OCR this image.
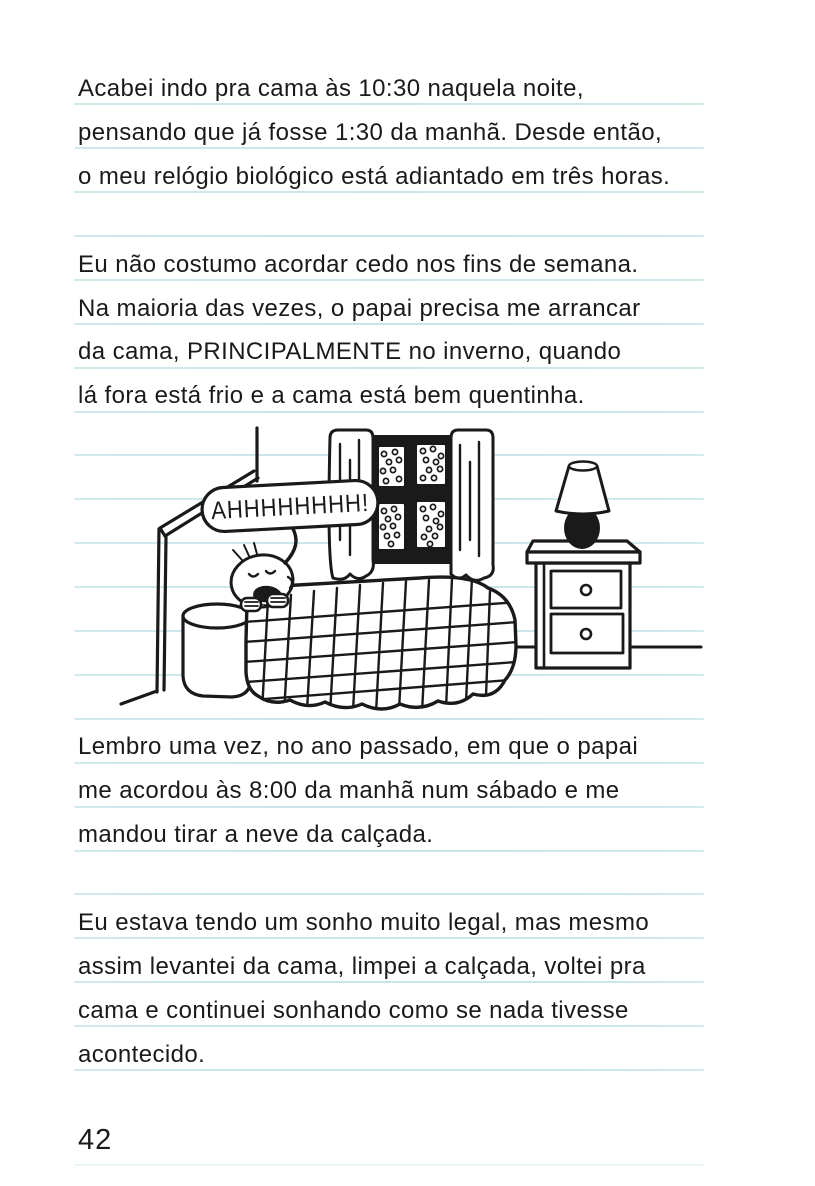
Acabei indo pra cama às 10:30 naquela noite,
pensando que já fosse 1:30 da manhã. Desde então,
o meu relógio biológico está adiantado em três horas.
Eu não costumo acordar cedo nos fins de semana.
Na maioria das vezes, o papai precisa me arrancar
da cama, PRINCIPALMENTE no inverno, quando
lá fora está frio e a cama está bem quentinha.
Lembro uma vez, no ano passado, em que o papai
me acordou às 8:00 da manhã num sábado e me
mandou tirar a neve da calçada.
Eu estava tendo um sonho muito legal, mas mesmo
assim levantei da cama, limpei a calçada, voltei pra
cama e continuei sonhando como se nada tivesse
acontecido.
AHHHHHHHH!
42
